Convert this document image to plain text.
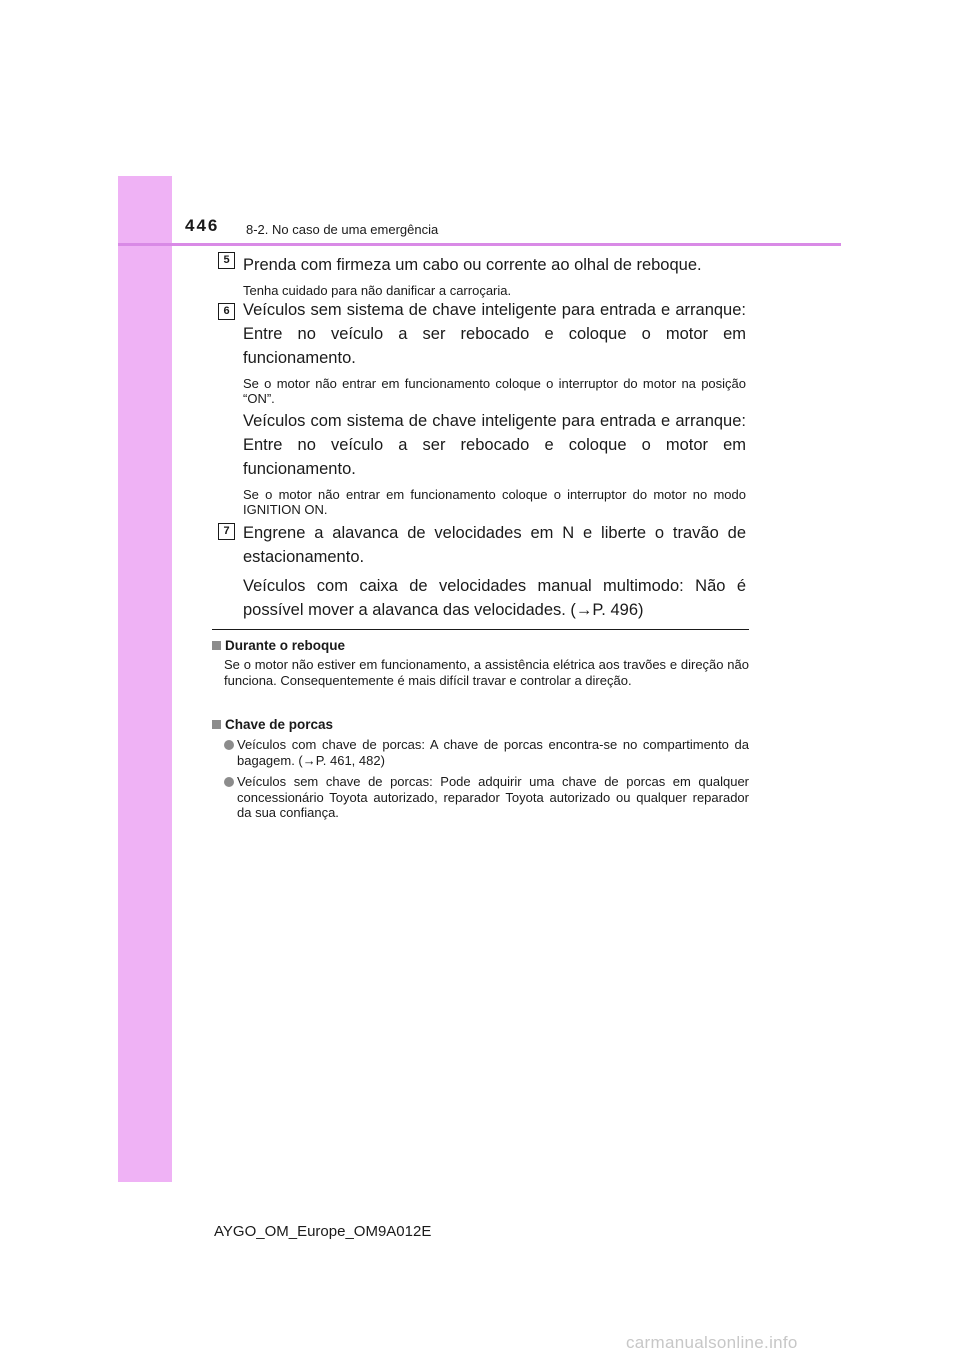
446 8-2. No caso de uma emergência
5 Prenda com firmeza um cabo ou corrente ao olhal de reboque.
Tenha cuidado para não danificar a carroçaria.
6 Veículos sem sistema de chave inteligente para entrada e arranque: Entre no veículo a ser rebocado e coloque o motor em funcionamento.
Se o motor não entrar em funcionamento coloque o interruptor do motor na posição “ON”.
Veículos com sistema de chave inteligente para entrada e arranque: Entre no veículo a ser rebocado e coloque o motor em funcionamento.
Se o motor não entrar em funcionamento coloque o interruptor do motor no modo IGNITION ON.
7 Engrene a alavanca de velocidades em N e liberte o travão de estacionamento.
Veículos com caixa de velocidades manual multimodo: Não é possível mover a alavanca das velocidades. (→P. 496)
Durante o reboque
Se o motor não estiver em funcionamento, a assistência elétrica aos travões e direção não funciona. Consequentemente é mais difícil travar e controlar a direção.
Chave de porcas
Veículos com chave de porcas: A chave de porcas encontra-se no compartimento da bagagem. (→P. 461, 482)
Veículos sem chave de porcas: Pode adquirir uma chave de porcas em qualquer concessionário Toyota autorizado, reparador Toyota autorizado ou qualquer reparador da sua confiança.
AYGO_OM_Europe_OM9A012E
carmanualsonline.info
